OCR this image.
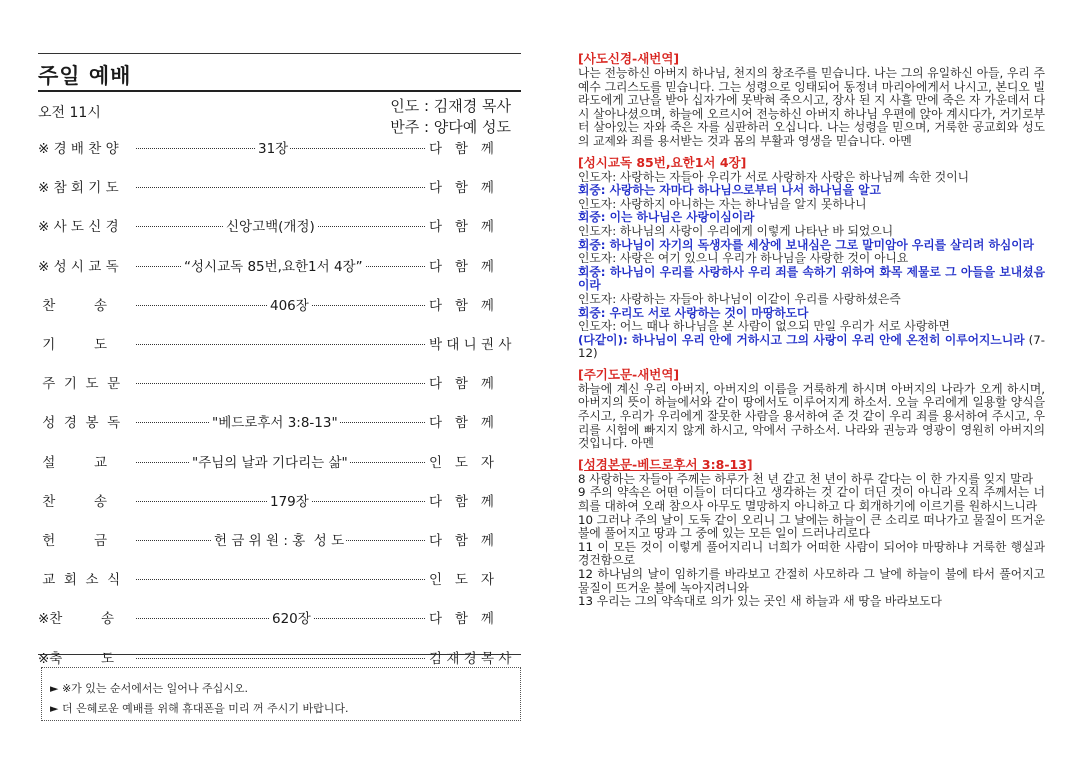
주일 예배
오전 11시	인도 : 김재경 목사
반주 : 양다예 성도
※ 경 배 찬 양	31장	다   함   께
※ 참 회 기 도	다   함   께
※ 사 도 신 경	신앙고백(개정)	다   함   께
※ 성 시 교 독	“성시교독 85번,요한1서 4장”	다   함   께
찬         송	406장	다   함   께
기         도	박 대 니 권 사
주  기  도  문	다   함   께
성  경  봉  독	"베드로후서 3:8-13"	다   함   께
설         교	"주님의 날과 기다리는 삶"	인   도   자
찬         송	179장	다   함   께
헌         금	헌 금 위 원 : 홍  성 도	다   함   께
교  회  소  식	인   도   자
※찬         송	620장	다   함   께
※축         도	김 재 경 목 사
► ※가 있는 순서에서는 일어나 주십시오.
► 더 은혜로운 예배를 위해 휴대폰을 미리 꺼 주시기 바랍니다.
[사도신경-새번역]
나는 전능하신 아버지 하나님, 천지의 창조주를 믿습니다. 나는 그의 유일하신 아들, 우리 주 예수 그리스도를 믿습니다. 그는 성령으로 잉태되어 동정녀 마리아에게서 나시고, 본디오 빌라도에게 고난을 받아 십자가에 못박혀 죽으시고, 장사 된 지 사흘 만에 죽은 자 가운데서 다시 살아나셨으며, 하늘에 오르시어 전능하신 아버지 하나님 우편에 앉아 계시다가, 거기로부터 살아있는 자와 죽은 자를 심판하러 오십니다. 나는 성령을 믿으며, 거룩한 공교회와 성도의 교제와 죄를 용서받는 것과 몸의 부활과 영생을 믿습니다. 아멘
[성시교독 85번,요한1서 4장]
인도자: 사랑하는 자들아 우리가 서로 사랑하자 사랑은 하나님께 속한 것이니
회중: 사랑하는 자마다 하나님으로부터 나서 하나님을 알고
인도자: 사랑하지 아니하는 자는 하나님을 알지 못하나니
회중: 이는 하나님은 사랑이심이라
인도자: 하나님의 사랑이 우리에게 이렇게 나타난 바 되었으니
회중: 하나님이 자기의 독생자를 세상에 보내심은 그로 말미암아 우리를 살리려 하심이라
인도자: 사랑은 여기 있으니 우리가 하나님을 사랑한 것이 아니요
회중: 하나님이 우리를 사랑하사 우리 죄를 속하기 위하여 화목 제물로 그 아들을 보내셨음이라
인도자: 사랑하는 자들아 하나님이 이같이 우리를 사랑하셨은즉
회중: 우리도 서로 사랑하는 것이 마땅하도다
인도자: 어느 때나 하나님을 본 사람이 없으되 만일 우리가 서로 사랑하면
(다같이): 하나님이 우리 안에 거하시고 그의 사랑이 우리 안에 온전히 이루어지느니라 (7-12)
[주기도문-새번역]
하늘에 계신 우리 아버지, 아버지의 이름을 거룩하게 하시며 아버지의 나라가 오게 하시며, 아버지의 뜻이 하늘에서와 같이 땅에서도 이루어지게 하소서. 오늘 우리에게 일용할 양식을 주시고, 우리가 우리에게 잘못한 사람을 용서하여 준 것 같이 우리 죄를 용서하여 주시고, 우리를 시험에 빠지지 않게 하시고, 악에서 구하소서. 나라와 권능과 영광이 영원히 아버지의 것입니다. 아멘
[성경본문-베드로후서 3:8-13]
8 사랑하는 자들아 주께는 하루가 천 년 같고 천 년이 하루 같다는 이 한 가지를 잊지 말라
9 주의 약속은 어떤 이들이 더디다고 생각하는 것 같이 더딘 것이 아니라 오직 주께서는 너희를 대하여 오래 참으사 아무도 멸망하지 아니하고 다 회개하기에 이르기를 원하시느니라
10 그러나 주의 날이 도둑 같이 오리니 그 날에는 하늘이 큰 소리로 떠나가고 물질이 뜨거운 불에 풀어지고 땅과 그 중에 있는 모든 일이 드러나리로다
11 이 모든 것이 이렇게 풀어지리니 너희가 어떠한 사람이 되어야 마땅하냐 거룩한 행실과 경건함으로
12 하나님의 날이 임하기를 바라보고 간절히 사모하라 그 날에 하늘이 불에 타서 풀어지고 물질이 뜨거운 불에 녹아지려니와
13 우리는 그의 약속대로 의가 있는 곳인 새 하늘과 새 땅을 바라보도다
